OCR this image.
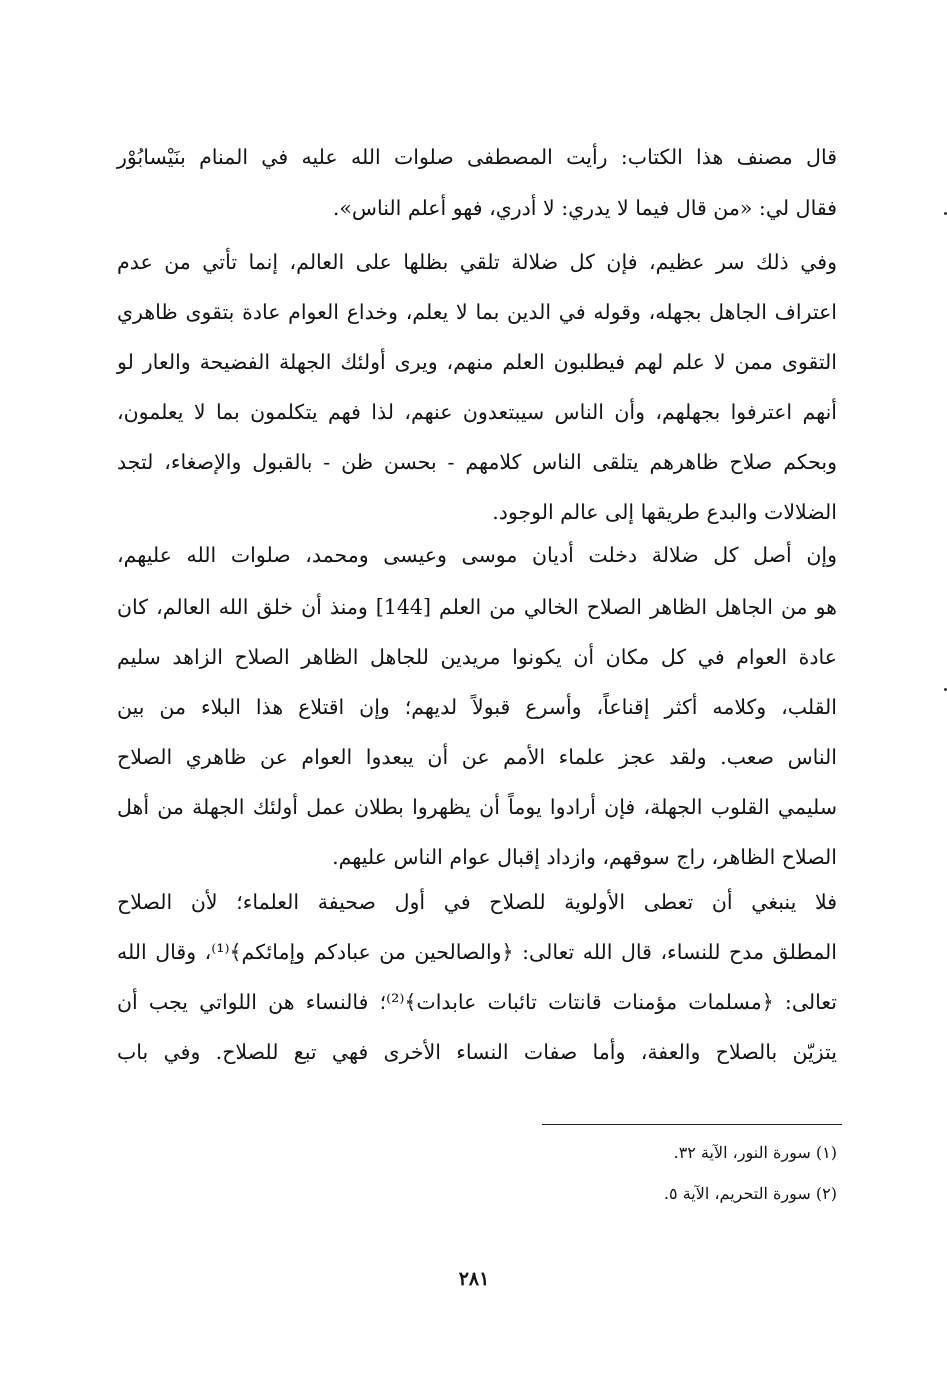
قال مصنف هذا الكتاب: رأيت المصطفى صلوات الله عليه في المنام بنَيْسابُوْر
فقال لي: «من قال فيما لا يدري: لا أدري، فهو أعلم الناس».
وفي ذلك سر عظيم، فإن كل ضلالة تلقي بظلها على العالم، إنما تأتي من عدم
اعتراف الجاهل بجهله، وقوله في الدين بما لا يعلم، وخداع العوام عادة بتقوى ظاهري
التقوى ممن لا علم لهم فيطلبون العلم منهم، ويرى أولئك الجهلة الفضيحة والعار لو
أنهم اعترفوا بجهلهم، وأن الناس سيبتعدون عنهم، لذا فهم يتكلمون بما لا يعلمون،
وبحكم صلاح ظاهرهم يتلقى الناس كلامهم - بحسن ظن - بالقبول والإصغاء، لتجد
الضلالات والبدع طريقها إلى عالم الوجود.
وإن أصل كل ضلالة دخلت أديان موسى وعيسى ومحمد، صلوات الله عليهم،
هو من الجاهل الظاهر الصلاح الخالي من العلم [144] ومنذ أن خلق الله العالم، كان
عادة العوام في كل مكان أن يكونوا مريدين للجاهل الظاهر الصلاح الزاهد سليم
القلب، وكلامه أكثر إقناعاً، وأسرع قبولاً لديهم؛ وإن اقتلاع هذا البلاء من بين
الناس صعب. ولقد عجز علماء الأمم عن أن يبعدوا العوام عن ظاهري الصلاح
سليمي القلوب الجهلة، فإن أرادوا يوماً أن يظهروا بطلان عمل أولئك الجهلة من أهل
الصلاح الظاهر، راج سوقهم، وازداد إقبال عوام الناس عليهم.
فلا ينبغي أن تعطى الأولوية للصلاح في أول صحيفة العلماء؛ لأن الصلاح
المطلق مدح للنساء، قال الله تعالى: ﴿والصالحين من عبادكم وإمائكم﴾⁽¹⁾، وقال الله
تعالى: ﴿مسلمات مؤمنات قانتات تائبات عابدات﴾⁽²⁾؛ فالنساء هن اللواتي يجب أن
يتزيّن بالصلاح والعفة، وأما صفات النساء الأخرى فهي تبع للصلاح. وفي باب
(١) سورة النور، الآية ٣٢.
(٢) سورة التحريم، الآية ٥.
٢٨١
